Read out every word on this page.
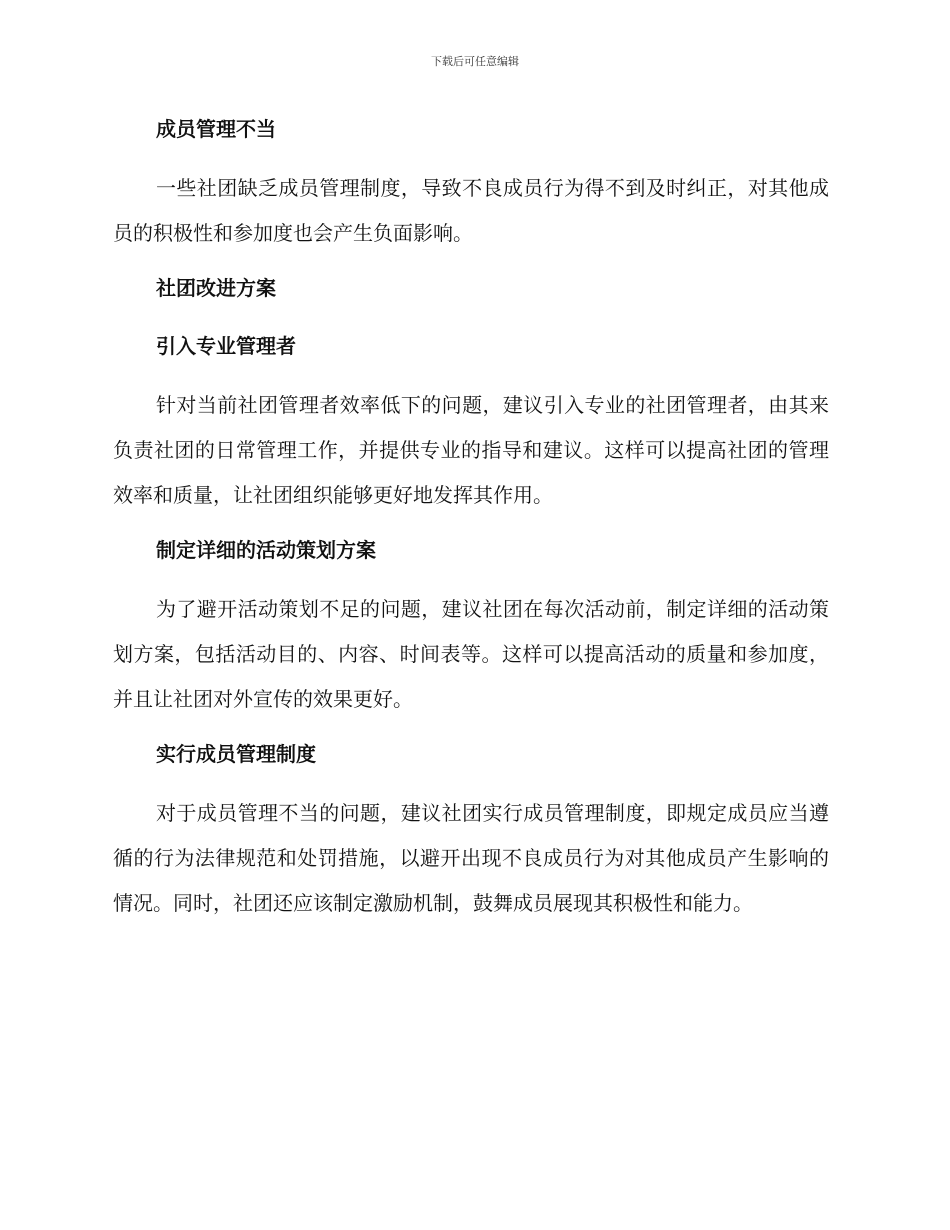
下载后可任意编辑
成员管理不当

一些社团缺乏成员管理制度，导致不良成员行为得不到及时纠正，对其他成员的积极性和参加度也会产生负面影响。

社团改进方案
引入专业管理者

针对当前社团管理者效率低下的问题，建议引入专业的社团管理者，由其来负责社团的日常管理工作，并提供专业的指导和建议。这样可以提高社团的管理效率和质量，让社团组织能够更好地发挥其作用。

制定详细的活动策划方案

为了避开活动策划不足的问题，建议社团在每次活动前，制定详细的活动策划方案，包括活动目的、内容、时间表等。这样可以提高活动的质量和参加度，并且让社团对外宣传的效果更好。

实行成员管理制度

对于成员管理不当的问题，建议社团实行成员管理制度，即规定成员应当遵循的行为法律规范和处罚措施，以避开出现不良成员行为对其他成员产生影响的情况。同时，社团还应该制定激励机制，鼓舞成员展现其积极性和能力。
